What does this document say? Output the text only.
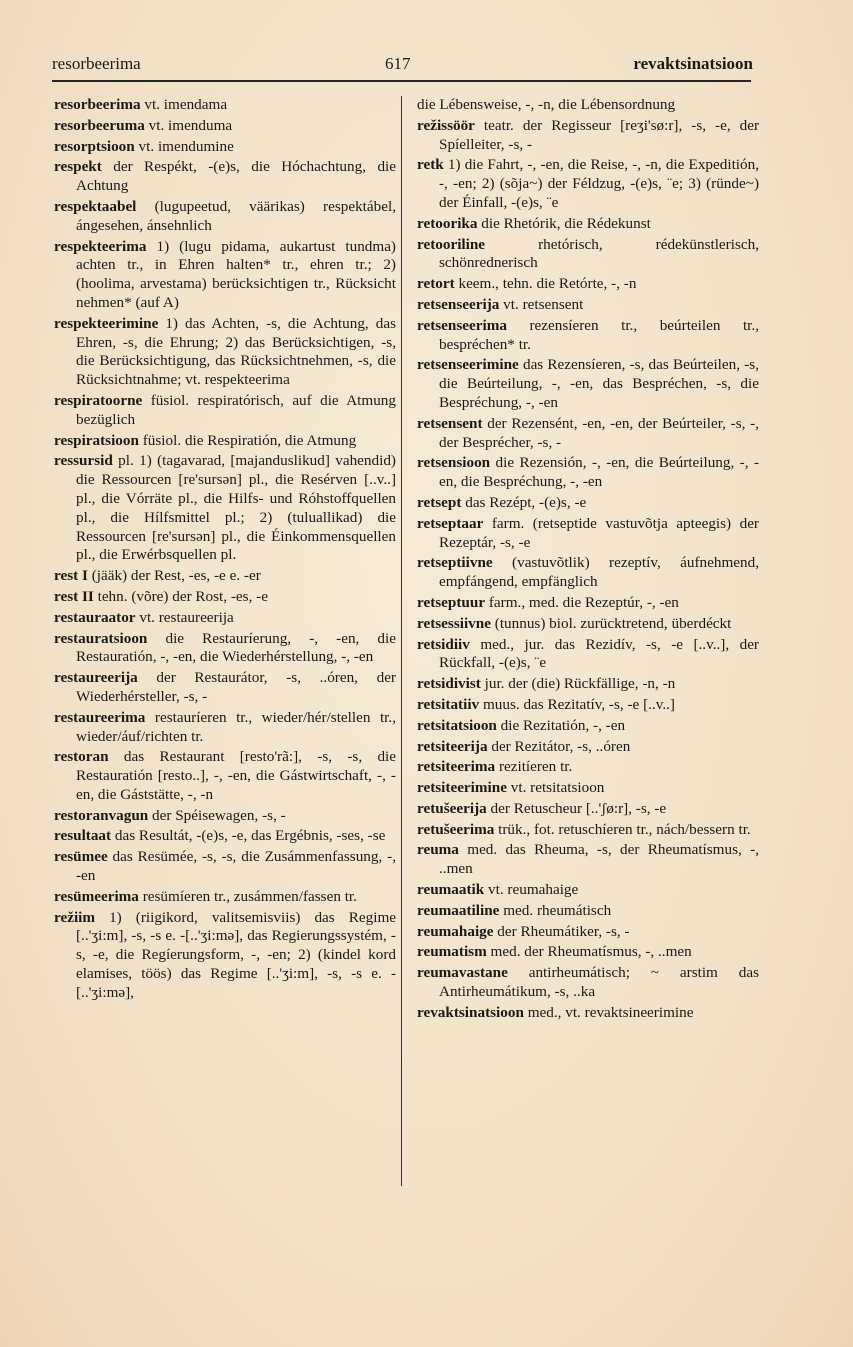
resorbeerima	617	revaktsinatsioon
resorbeerima vt. imendama
resorbeeruma vt. imenduma
resorptsioon vt. imendumine
respekt der Respékt, -(e)s, die Hóchachtung, die Achtung
respektaabel (lugupeetud, väärikas) respektábel, ángesehen, ánsehnlich
respekteerima 1) (lugu pidama, aukartust tundma) achten tr., in Ehren halten* tr., ehren tr.; 2) (hoolima, arvestama) berücksichtigen tr., Rücksicht nehmen* (auf A)
respekteerimine 1) das Achten, -s, die Achtung, das Ehren, -s, die Ehrung; 2) das Berücksichtigen, -s, die Berücksichtigung, das Rücksichtnehmen, -s, die Rücksichtnahme; vt. respekteerima
respiratoorne füsiol. respiratórisch, auf die Atmung bezüglich
respiratsioon füsiol. die Respiratión, die Atmung
ressursid pl. 1) (tagavarad, [majanduslikud] vahendid) die Ressourcen [re'sursən] pl., die Resérven [..v..] pl., die Vórräte pl., die Hilfs- und Róhstoffquellen pl., die Hílfsmittel pl.; 2) (tuluallikad) die Ressourcen [re'sursən] pl., die Éinkommensquellen pl., die Erwérbsquellen pl.
rest I (jääk) der Rest, -es, -e e. -er
rest II tehn. (võre) der Rost, -es, -e
restauraator vt. restaureerija
restauratsioon die Restauríerung, -, -en, die Restauratión, -, -en, die Wiederhérstellung, -, -en
restaureerija der Restaurátor, -s, ..óren, der Wiederhérsteller, -s, -
restaureerima restauríeren tr., wieder/hér/stellen tr., wieder/áuf/richten tr.
restoran das Restaurant [resto'rã:], -s, -s, die Restauratión [resto..], -, -en, die Gástwirtschaft, -, -en, die Gáststätte, -, -n
restoranvagun der Spéisewagen, -s, -
resultaat das Resultát, -(e)s, -e, das Ergébnis, -ses, -se
resümee das Resümée, -s, -s, die Zusámmenfassung, -, -en
resümeerima resümíeren tr., zusámmen/fassen tr.
režiim 1) (riigikord, valitsemisviis) das Regime [..'ʒi:m], -s, -s e. -[..'ʒi:mə], das Regierungssystém, -s, -e, die Regíerungsform, -, -en; 2) (kindel kord elamises, töös) das Regime [..'ʒi:m], -s, -s e. - [..'ʒi:mə],
die Lébensweise, -, -n, die Lébensordnung
režissöör teatr. der Regisseur [reʒi'sø:r], -s, -e, der Spíelleiter, -s, -
retk 1) die Fahrt, -, -en, die Reise, -, -n, die Expeditión, -, -en; 2) (sõja~) der Féldzug, -(e)s, ¨e; 3) (ründe~) der Éinfall, -(e)s, ¨e
retoorika die Rhetórik, die Rédekunst
retooriline rhetórisch, rédekünstlerisch, schönrednerisch
retort keem., tehn. die Retórte, -, -n
retsenseerija vt. retsensent
retsenseerima rezensíeren tr., beúrteilen tr., bespréchen* tr.
retsenseerimine das Rezensíeren, -s, das Beúrteilen, -s, die Beúrteilung, -, -en, das Bespréchen, -s, die Bespréchung, -, -en
retsensent der Rezensént, -en, -en, der Beúrteiler, -s, -, der Bespr​écher, -s, -
retsensioon die Rezensión, -, -en, die Beúrteilung, -, -en, die Bespréchung, -, -en
retsept das Rezépt, -(e)s, -e
retseptaar farm. (retseptide vastuvõtja apteegis) der Rezeptár, -s, -e
retseptiivne (vastuvõtlik) rezeptív, áufnehmend, empfángend, empfänglich
retseptuur farm., med. die Rezeptúr, -, -en
retsessiivne (tunnus) biol. zurücktretend, überdéckt
retsidiiv med., jur. das Rezidív, -s, -e [..v..], der Rückfall, -(e)s, ¨e
retsidivist jur. der (die) Rückfällige, -n, -n
retsitatiiv muus. das Rezitatív, -s, -e [..v..]
retsitatsioon die Rezitatión, -, -en
retsiteerija der Rezitátor, -s, ..óren
retsiteerima rezitíeren tr.
retsiteerimine vt. retsitatsioon
retušeerija der Retuscheur [..'ʃø:r], -s, -e
retušeerima trük., fot. retuschíeren tr., nách/bessern tr.
reuma med. das Rheuma, -s, der Rheumatísmus, -, ..men
reumaatik vt. reumahaige
reumaatiline med. rheumátisch
reumahaige der Rheumátiker, -s, -
reumatism med. der Rheumatísmus, -, ..men
reumavastane antirheumátisch; ~ arstim das Antirheumátikum, -s, ..ka
revaktsinatsioon med., vt. revaktsineerimine
